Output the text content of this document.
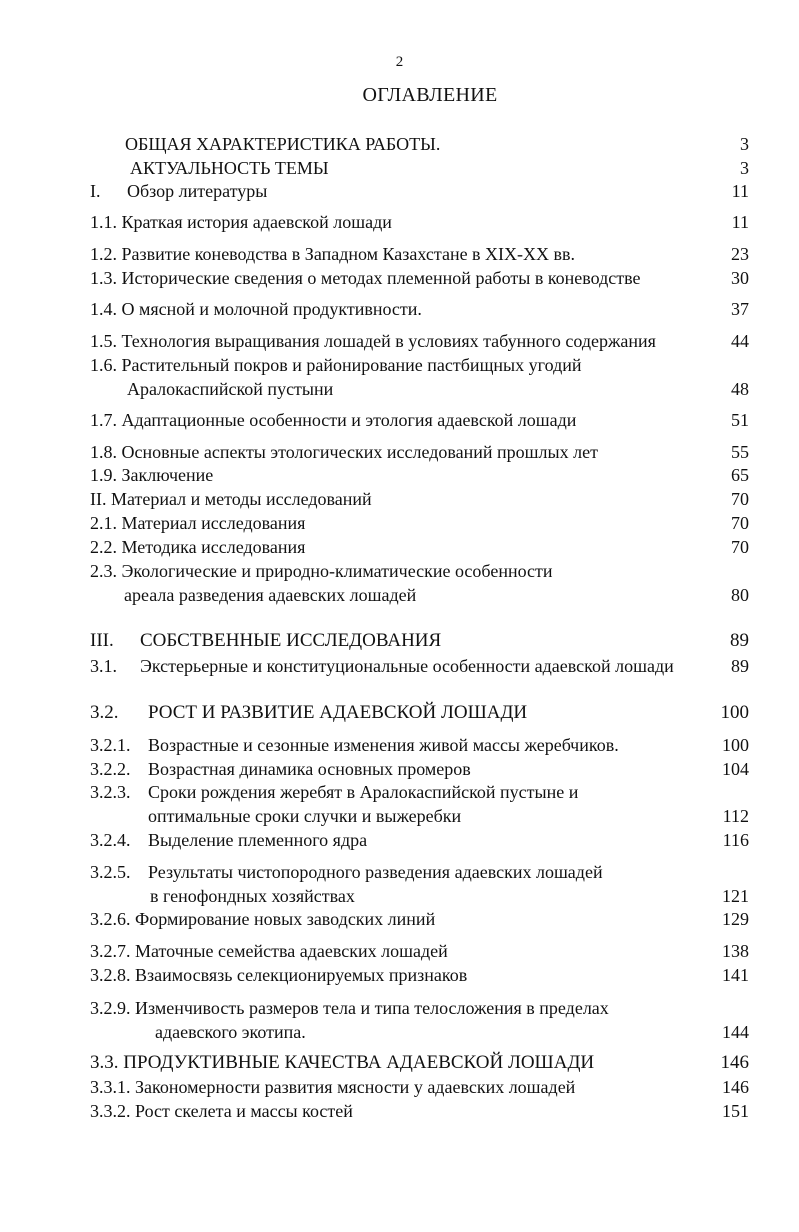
2
ОГЛАВЛЕНИЕ
ОБЩАЯ ХАРАКТЕРИСТИКА РАБОТЫ.	3
АКТУАЛЬНОСТЬ ТЕМЫ	3
I. Обзор литературы	11
1.1. Краткая история адаевской лошади	11
1.2. Развитие коневодства в Западном Казахстане в XIX-XX вв.	23
1.3. Исторические сведения о методах племенной работы в коневодстве	30
1.4. О мясной и молочной продуктивности.	37
1.5. Технология выращивания лошадей в условиях табунного содержания	44
1.6. Растительный покров и районирование пастбищных угодий
Аралокаспийской пустыни	48
1.7. Адаптационные особенности и этология адаевской лошади	51
1.8. Основные аспекты этологических исследований прошлых лет	55
1.9. Заключение	65
II. Материал и методы исследований	70
2.1. Материал исследования	70
2.2. Методика исследования	70
2.3. Экологические и природно-климатические особенности
ареала разведения адаевских лошадей	80
III. СОБСТВЕННЫЕ ИССЛЕДОВАНИЯ	89
3.1. Экстерьерные и конституциональные особенности адаевской лошади	89
3.2. РОСТ И РАЗВИТИЕ АДАЕВСКОЙ ЛОШАДИ	100
3.2.1. Возрастные и сезонные изменения живой массы жеребчиков.	100
3.2.2. Возрастная динамика основных промеров	104
3.2.3. Сроки рождения жеребят в Аралокаспийской пустыне и
оптимальные сроки случки и выжеребки	112
3.2.4. Выделение племенного ядра	116
3.2.5. Результаты чистопородного разведения адаевских лошадей
в генофондных хозяйствах	121
3.2.6. Формирование новых заводских линий	129
3.2.7. Маточные семейства адаевских лошадей	138
3.2.8. Взаимосвязь селекционируемых признаков	141
3.2.9. Изменчивость размеров тела и типа телосложения в пределах
адаевского экотипа.	144
3.3. ПРОДУКТИВНЫЕ КАЧЕСТВА АДАЕВСКОЙ ЛОШАДИ	146
3.3.1. Закономерности развития мясности у адаевских лошадей	146
3.3.2. Рост скелета и массы костей	151
